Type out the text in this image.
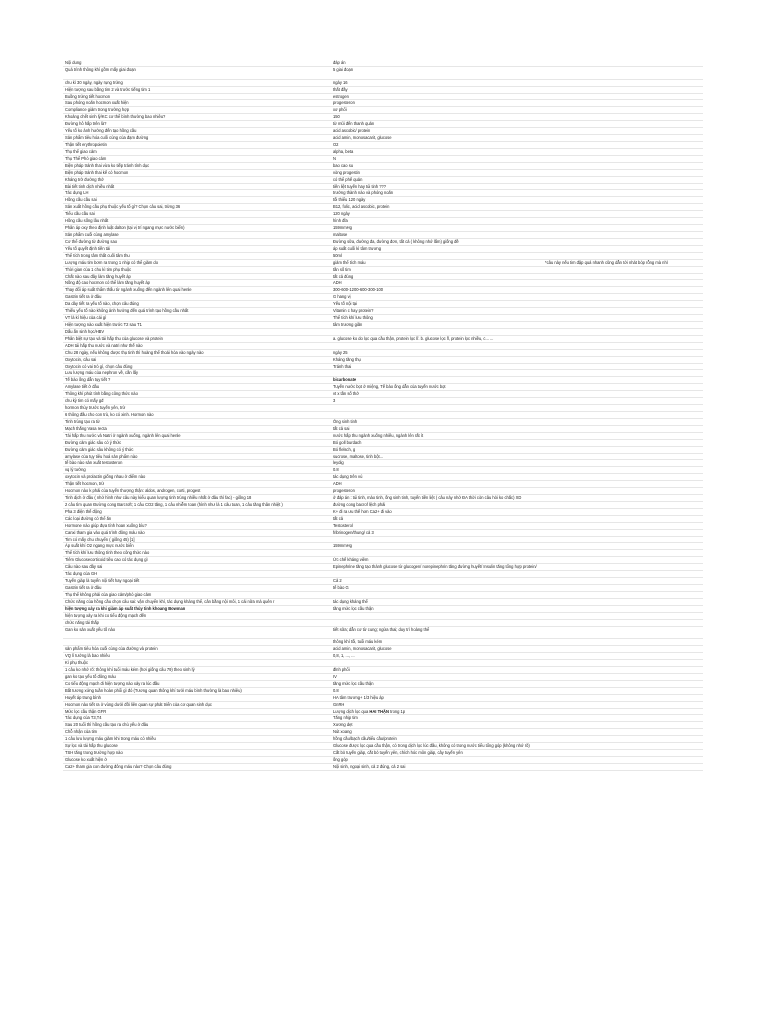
Nội dung	đáp án
Quá trình thông khí gồm mấy giai đoạn	5 giai đoạn
chu kì 30 ngày, ngày rụng trứng	ngày 16
Hiện tượng sau bằng tim 2 và trước tiếng tim 1	thất đầy
Buồng trứng tiết hocmon	estrogen
Sau phóng noãn hocmon xuất hiện	progesteron
Compliance giảm trong trường hợp	xơ phổi
Khoảng chết sinh lý/KC cơ thể bình thường bao nhiêu?	150
Đường hô hấp trên là?	từ mũi đến thanh quản
Yếu tố ko ảnh hưởng đến tạo hồng cầu	acid ascobic/ protein
Sản phẩm tiêu hóa cuối cùng của đạm đường	acid amin, monosacarit, glucose
Thận tiết erythropoietin	O2
Thụ thể giao cảm	alpha, beta
Thụ Thể Phó giao cảm	N
Biện pháp tránh thai vừa ko tiếp tránh tính dục	bao cao su
Biện pháp tránh thai kế có hocmon	vòng progestin
Kháng trở đường thở	có thể phế quản
Bài tiết tinh dịch nhiều nhất	tiền liệt tuyến hay túi tinh ???
Tác dụng LH	trưởng thành nào và phóng noãn
Hồng cầu cầu sai	tối thiểu 120 ngày
Sản xuất hồng cầu phụ thuộc yếu tố gì? Chọn câu sai, trừng 36	B12, folic, acid ascobic, protein
Tiểu cầu cầu sai	120 ngày
Hồng cầu sống lâu nhất	hình đĩa
Phân áp oxy theo định luật dalton (tại vị trí ngang mực nước biển)	159mmHg
Sản phẩm cuối cùng amylase	maltose
Cơ thể đường từ đường sao	Đường sữa, đường đa, đường đơn, tất cả ( không nhớ lắm) giống đề
Yếu tố quyết định tiền tải	áp suất cuối kì tâm trương
Thể tích trong tâm thất cuối tâm thu	50ml
Lượng máu tim bơm ra trong 1 nhịp có thể giảm do	giảm thể tích máu	*câu này nếu tim đập quá nhanh cũng dẫn tới nhát bóp rỗng mà nhỉ
Thời gian của 1 chu kì tim phụ thuộc	tần số tim
Chất nào sau đây làm tăng huyết áp	tất cả đúng
Nồng độ cao hocmon có thể làm tăng huyết áp	ADH
Thay đổi áp suất thẩm thấu từ ngành xuống đến ngành lên quai henle	300-600-1200-600-300-100
Gastrin tiết ra ở đâu	G hang vị
Da dày tiết ra yếu tố nào, chọn câu đúng	Yếu tố nội tại
Thiếu yếu tố nào không ảnh hưởng đến quá trình tạo hồng cầu nhất	Vitamin c hay protein?
VT là kí hiệu của cái gì	Thể tích khí lưu thông
Hiện tượng nào xuất hiện trước T2 sau T1	tâm trương giãn
Dấu ấn sinh học/HBV
Phân biệt sự tạo và tái hấp thu của glucose và protein	a. glucose ko do lọc qua cầu thận, protein lọc lĩ. b. glucose lọc lĩ, protein lọc nhiều, c... ...
ADH tái hấp thu nước và natri như thế nào
Chu 28 ngày, nếu không được thụ tinh thì hoàng thể thoái hóa vào ngày nào	ngày 25
Oxytocin, câu sai	Kháng tăng thụ
Oxytocin có vai trò gì, chọn câu đúng	Tránh thai
Lưu lượng máu của nephron về, cần lấy
Tế bào ống dẫn tụy tiết ?	bicarbonate
Amylase tiết ở đâu	Tuyến nước bọt ở miệng, Tế bào ống dẫn của tuyến nước bọt
Thông khí phút tính bằng công thức nào	vt x tần số thở
chu kỳ tim có mấy gđ	3
hormon thùy trước tuyến yên, trừ
6 thông đầu cho con trù, ko có xinh. Hormon nào
Tinh trùng tạo ra từ	Ống sinh tinh
Mạch thẳng Vasa recta	tất cả sai
Tái hấp thu nước và Natri ở ngành xuống, ngành lên quai henle	nước hấp thu ngành xuống nhiều, ngành lên rất ít
Đường cảm giác sâu có ý thức	Bó goll burdach
Đường cảm giác sâu không có ý thức	Bó flelsch, g
amylase của tụy tiêu hoá sản phẩm nào	sucrose, maltose, tinh bột...
tế bào nào sản xuất testosteron	leydig
vq lý tưởng	0.8
oxytocin và prolactin giống nhau ở điểm nào	tác dụng trên vú
Thận tiết hocmon, trừ	ADH
Hocmon nào k phải của tuyến thượng thận: aldos, androgen, corti, progest	progesteron
Tinh dịch ở đâu ( nhớ hình như câu này kiểu quan lượng tinh trùng nhiều nhất ở đâu thì fac) - giống 18	ở đáp án : túi tinh, mào tinh, ống sinh tinh, tuyến tiền liệt ( câu này nhớ ĐA thời còn câu hỏi ko chắc) XD
2 câu tìm quan Đường cong Barcroft; 1 câu CO2 tăng, 1 câu nhiễm toan (hình như là 1 câu toan, 1 câu tăng thân nhiệt )	đường cong bacrof lệch phải
Pha 3 điện thế động	K+ đi ra ưu thế hơn Ca2+ đi vào
Các loại đường có thể ăn	tất cả
Hormone nào giúp đựa tính hoan xuống bìu?	Testosterol
Canxi tham gia vào quá trình đông máu nào	fribrinogen/thung/ cả 3
Tim có mấy chu chuyển ( giống 45) [1]
Áp suất khí O2 ngang mực nước biển	159mmHg
Thể tích khí lưu thông tính theo công thức nào
Tiêm Glucosecorticoid tiêu cao có tác dụng gì	Ức chế kháng viêm
Câu nào sau đây sai	Epinephrine tăng tạo thành glucose từ glucogen/ norepinephrin tăng đường huyết/ Insulin tăng tổng hợp protein/
Tác dụng của GH
Tuyến giáp là tuyến nội tiết hay ngoại tiết	Cả 2
Gastrin tiết ra ở đâu	tế bào G
Thụ thể không phải của giao cảm/phó giao cảm
Chức năng của hồng cầu chọn câu sai: vận chuyển khí, tác dụng kháng thể, cân bằng nội môi, 1 cái nữa mà quên r	tác dụng kháng thể
hiện tượng xảy ra khi giảm áp suất thủy tinh khoang Bowman	tăng mức lọc cầu thận
hiện tượng xảy ra khi co tiểu động mạch đến
chức năng tái thấp
Gan ko sản xuất yếu tố nào	tiết sữa; dẫn cơ từ cung; ngừa thai; duy trì hoàng thể
thông khí tối, tuổi máu kém
sản phẩm tiêu hóa cuối cùng của đường và protein	acid amin, monosacarit, glucose
VQ lí tưởng là bao nhiêu	0,8, 1, ..., ...
Kì phụ thuộc
1 câu ko nhớ rõ: thông khí tuổi máu kém (hơi giống câu 79) theo sinh lý	đỉnh phổi
gan ko tạo yếu tố đông máu	IV
Co tiểu động mạch đi hiện tượng nào xảy ra lúc đầu	tăng mức lọc cầu thận
Bất tương xứng tuần hoàn phổi gì đó (Tương quan thông khí tưới máu bình thường là bao nhiêu)	0.8
Huyết áp trung bình	HA tâm trương+ 1/3 hiệu áp
Hocmon nào tiết ra ở vùng dưới đồi liên quan sự phát triển của cơ quan sinh dục	GnRH
Mức lọc cầu thận GFR	Lượng dịch lọc qua HAI THẬN trong 1p
Tác dụng của T3,T4	Tăng nhịp tim
Sau 20 tuổi thì hồng cầu tạo ra chủ yếu ở đâu	Xương dẹt
Chỗ nhận của tim	Nút xoang
1 câu lưu lượng máu giảm khi trong máu có nhiều	hồng cầu/bạch cầu/tiểu cầu/protein
Sự lọc và tái hấp thu glucose	Glucose được lọc qua cầu thận, có trong dịch lọc lúc đầu, không có trong nước tiểu tổng góp (không nhớ rõ)
TSH tăng trong trường hợp nào	Cắt bỏ tuyến giáp, cắt bỏ tuyến yên, chích hóc môn giáp, cây tuyến yên
Glucose ko xuất hiện ở	ống góp
Ca2+ tham gia con đường đông máu nào? Chọn câu đúng	Nội sinh, ngoại sinh, cả 2 đúng, cả 2 sai
